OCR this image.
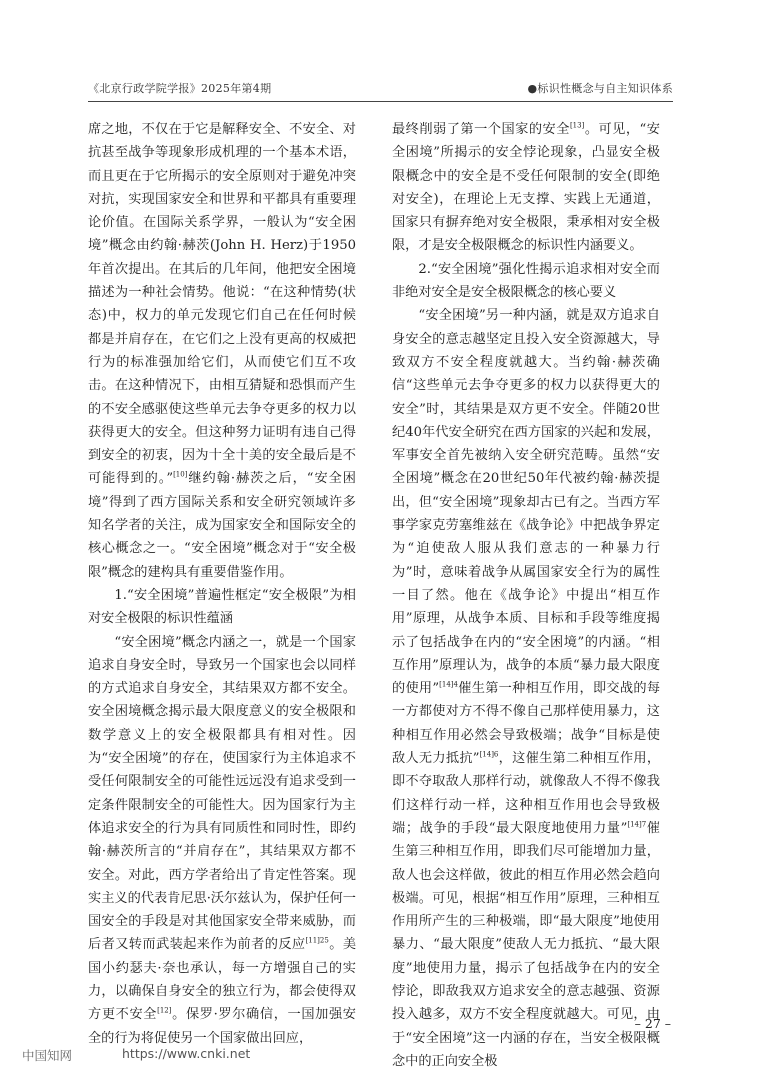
《北京行政学院学报》2025年第4期	●标识性概念与自主知识体系

席之地，不仅在于它是解释安全、不安全、对抗甚至战争等现象形成机理的一个基本术语，而且更在于它所揭示的安全原则对于避免冲突对抗，实现国家安全和世界和平都具有重要理论价值。在国际关系学界，一般认为“安全困境”概念由约翰·赫茨(John H. Herz)于1950年首次提出。在其后的几年间，他把安全困境描述为一种社会情势。他说：“在这种情势(状态)中，权力的单元发现它们自己在任何时候都是并肩存在，在它们之上没有更高的权威把行为的标准强加给它们，从而使它们互不攻击。在这种情况下，由相互猜疑和恐惧而产生的不安全感驱使这些单元去争夺更多的权力以获得更大的安全。但这种努力证明有违自己得到安全的初衷，因为十全十美的安全最后是不可能得到的。”[10]继约翰·赫茨之后，“安全困境”得到了西方国际关系和安全研究领域许多知名学者的关注，成为国家安全和国际安全的核心概念之一。“安全困境”概念对于“安全极限”概念的建构具有重要借鉴作用。

1.“安全困境”普遍性框定“安全极限”为相对安全极限的标识性蕴涵

“安全困境”概念内涵之一，就是一个国家追求自身安全时，导致另一个国家也会以同样的方式追求自身安全，其结果双方都不安全。安全困境概念揭示最大限度意义的安全极限和数学意义上的安全极限都具有相对性。因为“安全困境”的存在，使国家行为主体追求不受任何限制安全的可能性远远没有追求受到一定条件限制安全的可能性大。因为国家行为主体追求安全的行为具有同质性和同时性，即约翰·赫茨所言的“并肩存在”，其结果双方都不安全。对此，西方学者给出了肯定性答案。现实主义的代表肯尼思·沃尔兹认为，保护任何一国安全的手段是对其他国家安全带来威胁，而后者又转而武装起来作为前者的反应$^{[11]25}$。美国小约瑟夫·奈也承认，每一方增强自己的实力，以确保自身安全的独立行为，都会使得双方更不安全[12]。保罗·罗尔确信，一国加强安全的行为将促使另一个国家做出回应，

最终削弱了第一个国家的安全[13]。可见，“安全困境”所揭示的安全悖论现象，凸显安全极限概念中的安全是不受任何限制的安全(即绝对安全)，在理论上无支撑、实践上无通道，国家只有摒弃绝对安全极限，秉承相对安全极限，才是安全极限概念的标识性内涵要义。

2.“安全困境”强化性揭示追求相对安全而非绝对安全是安全极限概念的核心要义

“安全困境”另一种内涵，就是双方追求自身安全的意志越坚定且投入安全资源越大，导致双方不安全程度就越大。当约翰·赫茨确信“这些单元去争夺更多的权力以获得更大的安全”时，其结果是双方更不安全。伴随20世纪40年代安全研究在西方国家的兴起和发展，军事安全首先被纳入安全研究范畴。虽然“安全困境”概念在20世纪50年代被约翰·赫茨提出，但“安全困境”现象却古已有之。当西方军事学家克劳塞维兹在《战争论》中把战争界定为“迫使敌人服从我们意志的一种暴力行为”时，意味着战争从属国家安全行为的属性一目了然。他在《战争论》中提出“相互作用”原理，从战争本质、目标和手段等维度揭示了包括战争在内的“安全困境”的内涵。“相互作用”原理认为，战争的本质“暴力最大限度的使用”$^{[14]4}$催生第一种相互作用，即交战的每一方都使对方不得不像自己那样使用暴力，这种相互作用必然会导致极端；战争“目标是使敌人无力抵抗”$^{[14]6}$，这催生第二种相互作用，即不夺取敌人那样行动，就像敌人不得不像我们这样行动一样，这种相互作用也会导致极端；战争的手段“最大限度地使用力量”$^{[14]7}$催生第三种相互作用，即我们尽可能增加力量，敌人也会这样做，彼此的相互作用必然会趋向极端。可见，根据“相互作用”原理，三种相互作用所产生的三种极端，即“最大限度”地使用暴力、“最大限度”使敌人无力抵抗、“最大限度”地使用力量，揭示了包括战争在内的安全悖论，即敌我双方追求安全的意志越强、资源投入越多，双方不安全程度就越大。可见，由于“安全困境”这一内涵的存在，当安全极限概念中的正向安全极

– 27 –
中国知网	https://www.cnki.net
